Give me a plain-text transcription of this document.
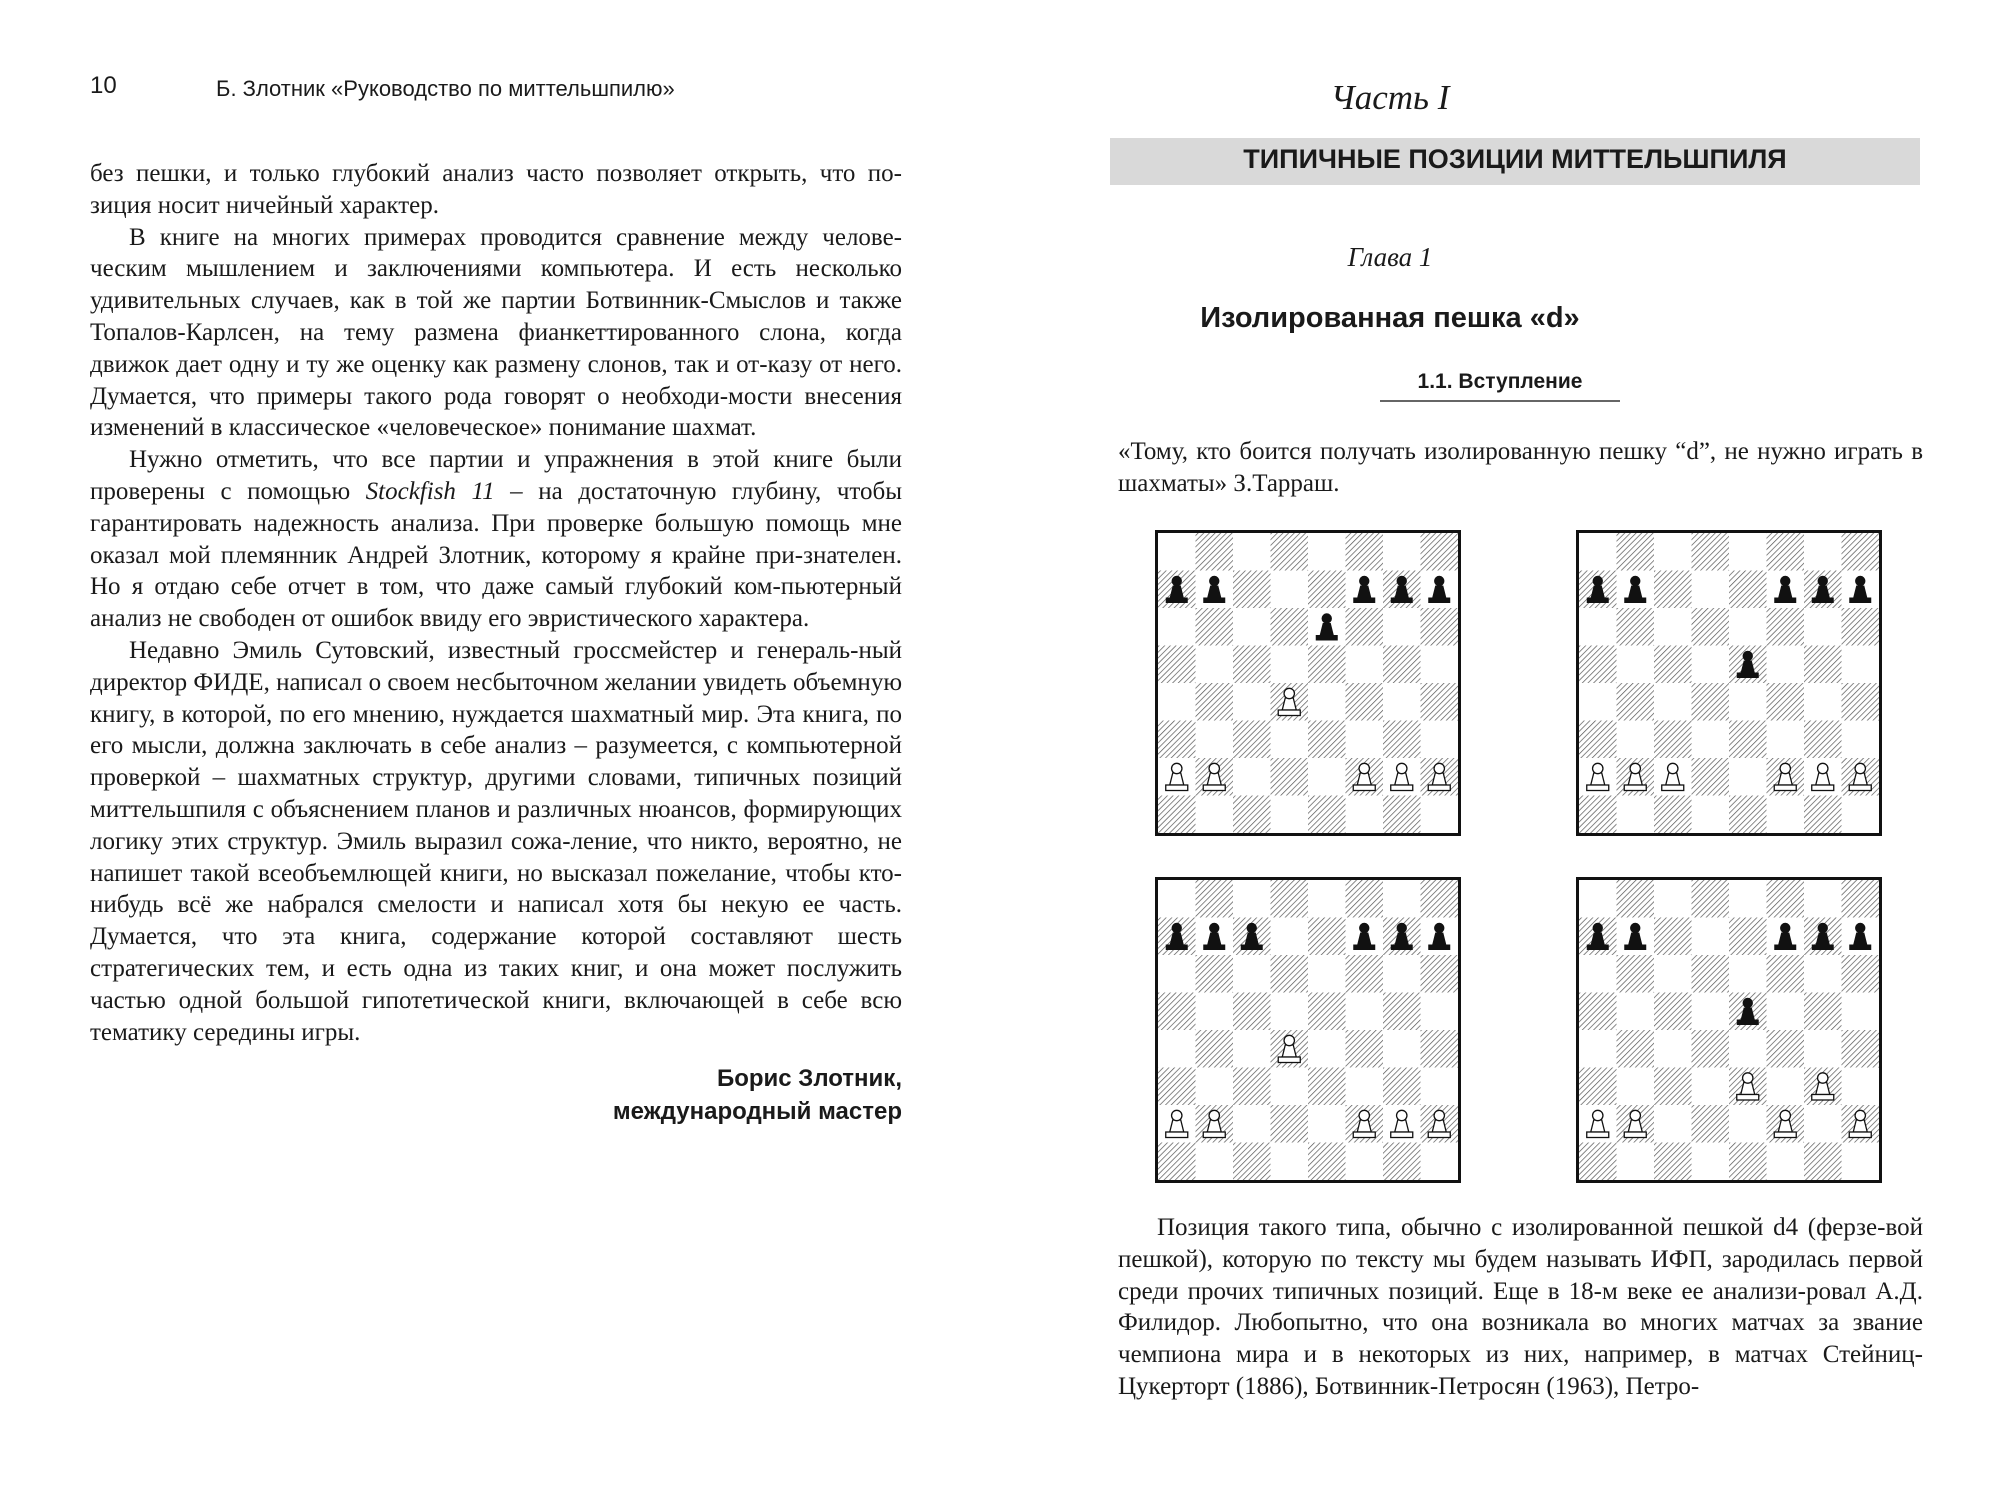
10	Б. Злотник «Руководство по миттельшпилю»
без пешки, и только глубокий анализ часто позволяет открыть, что по-зиция носит ничейный характер.
В книге на многих примерах проводится сравнение между челове-ческим мышлением и заключениями компьютера. И есть несколько удивительных случаев, как в той же партии Ботвинник-Смыслов и также Топалов-Карлсен, на тему размена фианкеттированного слона, когда движок дает одну и ту же оценку как размену слонов, так и от-казу от него. Думается, что примеры такого рода говорят о необходи-мости внесения изменений в классическое «человеческое» понимание шахмат.
Нужно отметить, что все партии и упражнения в этой книге были проверены с помощью Stockfish 11 – на достаточную глубину, чтобы гарантировать надежность анализа. При проверке большую помощь мне оказал мой племянник Андрей Злотник, которому я крайне при-знателен. Но я отдаю себе отчет в том, что даже самый глубокий ком-пьютерный анализ не свободен от ошибок ввиду его эвристического характера.
Недавно Эмиль Сутовский, известный гроссмейстер и генераль-ный директор ФИДЕ, написал о своем несбыточном желании увидеть объемную книгу, в которой, по его мнению, нуждается шахматный мир. Эта книга, по его мысли, должна заключать в себе анализ – разумеется, с компьютерной проверкой – шахматных структур, другими словами, типичных позиций миттельшпиля с объяснением планов и различных нюансов, формирующих логику этих структур. Эмиль выразил сожа-ление, что никто, вероятно, не напишет такой всеобъемлющей книги, но высказал пожелание, чтобы кто-нибудь всё же набрался смелости и написал хотя бы некую ее часть. Думается, что эта книга, содержание которой составляют шесть стратегических тем, и есть одна из таких книг, и она может послужить частью одной большой гипотетической книги, включающей в себе всю тематику середины игры.
Борис Злотник,
международный мастер
Часть I
ТИПИЧНЫЕ ПОЗИЦИИ МИТТЕЛЬШПИЛЯ
Глава 1
Изолированная пешка «d»
1.1. Вступление
«Тому, кто боится получать изолированную пешку “d”, не нужно играть в шахматы» З.Тарраш.
Позиция такого типа, обычно с изолированной пешкой d4 (ферзе-вой пешкой), которую по тексту мы будем называть ИФП, зародилась первой среди прочих типичных позиций. Еще в 18-м веке ее анализи-ровал А.Д. Филидор. Любопытно, что она возникала во многих матчах за звание чемпиона мира и в некоторых из них, например, в матчах Стейниц-Цукерторт (1886), Ботвинник-Петросян (1963), Петро-
